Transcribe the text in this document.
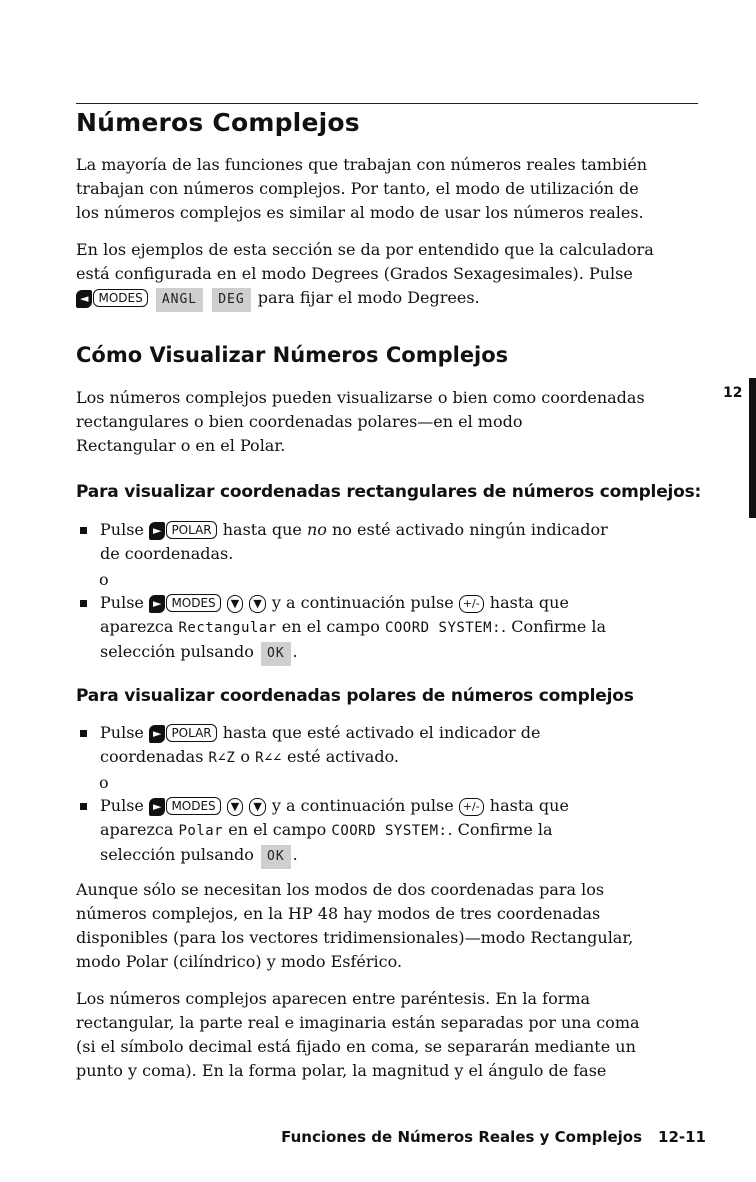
Números Complejos
La mayoría de las funciones que trabajan con números reales también
trabajan con números complejos. Por tanto, el modo de utilización de
los números complejos es similar al modo de usar los números reales.
En los ejemplos de esta sección se da por entendido que la calculadora
está configurada en el modo Degrees (Grados Sexagesimales). Pulse
◄ MODES ANGL DEG para fijar el modo Degrees.
Cómo Visualizar Números Complejos
Los números complejos pueden visualizarse o bien como coordenadas
rectangulares o bien coordenadas polares—en el modo
Rectangular o en el Polar.
Para visualizar coordenadas rectangulares de números complejos:
Pulse ► POLAR hasta que no no esté activado ningún indicador
de coordenadas.
o
Pulse ► MODES ▼ ▼ y a continuación pulse +/- hasta que
aparezca Rectangular en el campo COORD SYSTEM:. Confirme la
selección pulsando OK .
Para visualizar coordenadas polares de números complejos
Pulse ► POLAR hasta que esté activado el indicador de
coordenadas R∠Z o R∠∠ esté activado.
o
Pulse ► MODES ▼ ▼ y a continuación pulse +/- hasta que
aparezca Polar en el campo COORD SYSTEM:. Confirme la
selección pulsando OK .
Aunque sólo se necesitan los modos de dos coordenadas para los
números complejos, en la HP 48 hay modos de tres coordenadas
disponibles (para los vectores tridimensionales)—modo Rectangular,
modo Polar (cilíndrico) y modo Esférico.
Los números complejos aparecen entre paréntesis. En la forma
rectangular, la parte real e imaginaria están separadas por una coma
(si el símbolo decimal está fijado en coma, se separarán mediante un
punto y coma). En la forma polar, la magnitud y el ángulo de fase
12
Funciones de Números Reales y Complejos 12-11
